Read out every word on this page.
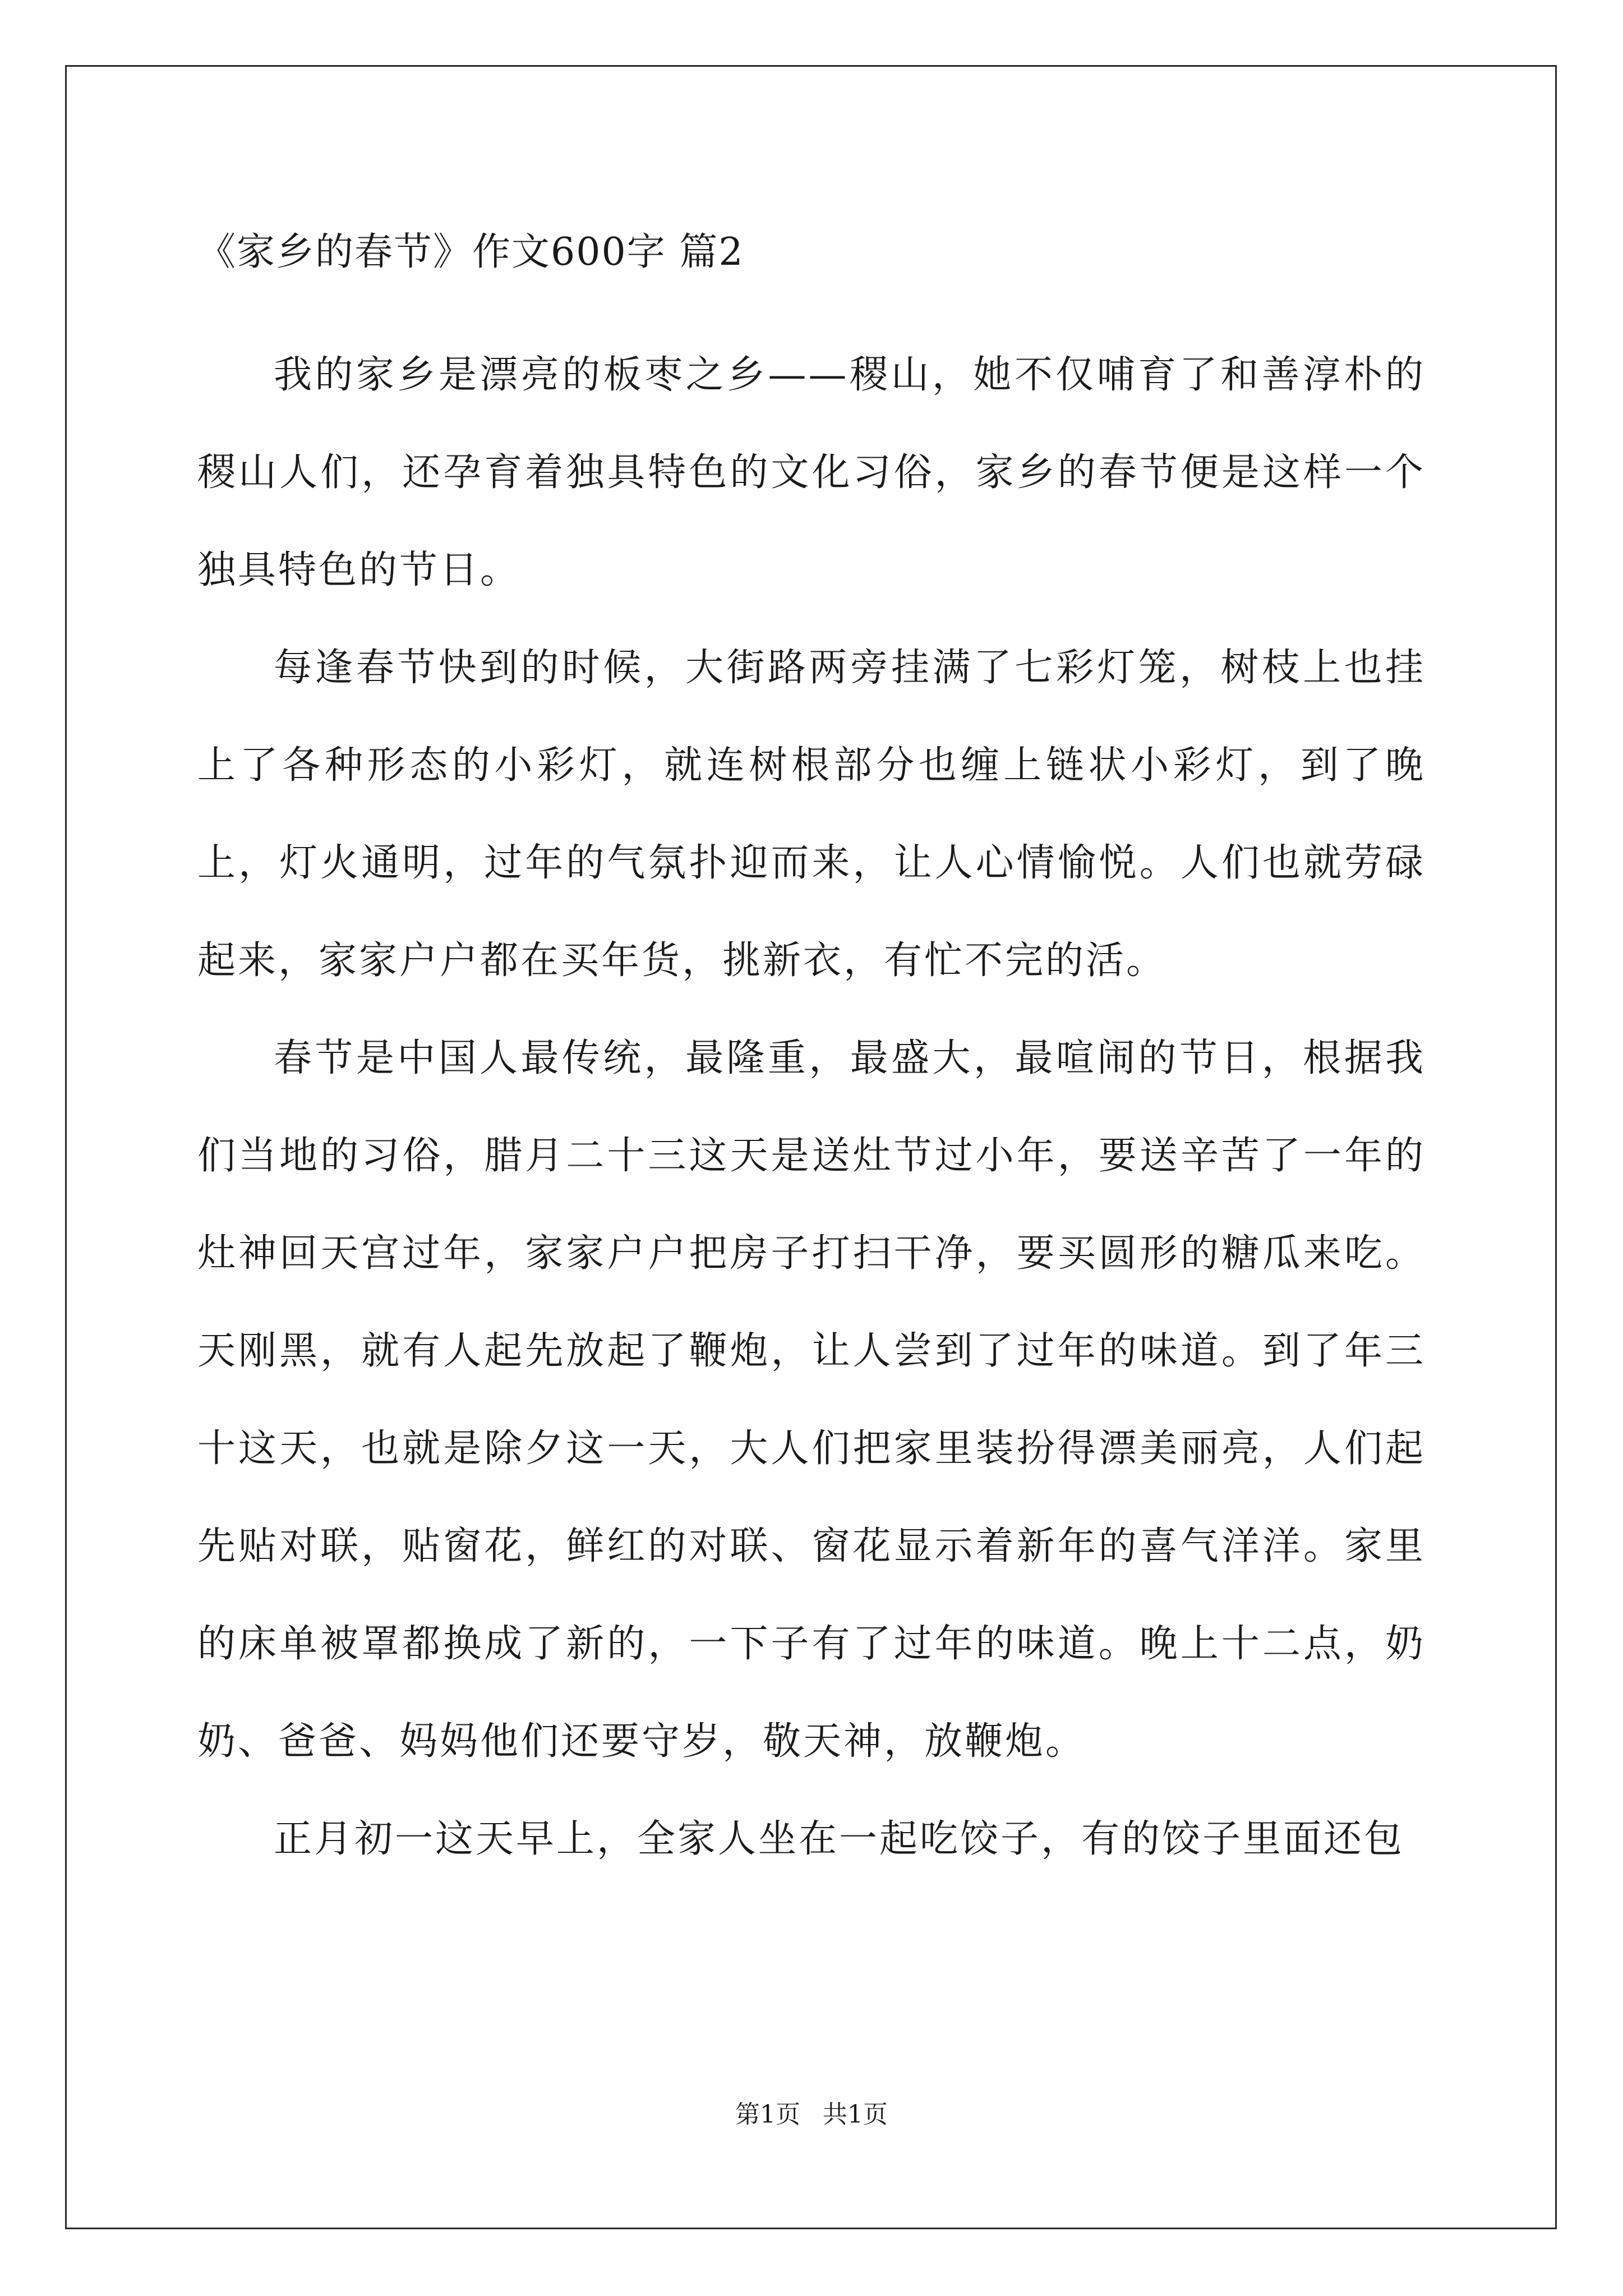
《家乡的春节》作文600字 篇2

我的家乡是漂亮的板枣之乡——稷山，她不仅哺育了和善淳朴的稷山人们，还孕育着独具特色的文化习俗，家乡的春节便是这样一个独具特色的节日。

每逢春节快到的时候，大街路两旁挂满了七彩灯笼，树枝上也挂上了各种形态的小彩灯，就连树根部分也缠上链状小彩灯，到了晚上，灯火通明，过年的气氛扑迎而来，让人心情愉悦。人们也就劳碌起来，家家户户都在买年货，挑新衣，有忙不完的活。

春节是中国人最传统，最隆重，最盛大，最喧闹的节日，根据我们当地的习俗，腊月二十三这天是送灶节过小年，要送辛苦了一年的灶神回天宫过年，家家户户把房子打扫干净，要买圆形的糖瓜来吃。天刚黑，就有人起先放起了鞭炮，让人尝到了过年的味道。到了年三十这天，也就是除夕这一天，大人们把家里装扮得漂美丽亮，人们起先贴对联，贴窗花，鲜红的对联、窗花显示着新年的喜气洋洋。家里的床单被罩都换成了新的，一下子有了过年的味道。晚上十二点，奶奶、爸爸、妈妈他们还要守岁，敬天神，放鞭炮。

正月初一这天早上，全家人坐在一起吃饺子，有的饺子里面还包

第1页 共1页
